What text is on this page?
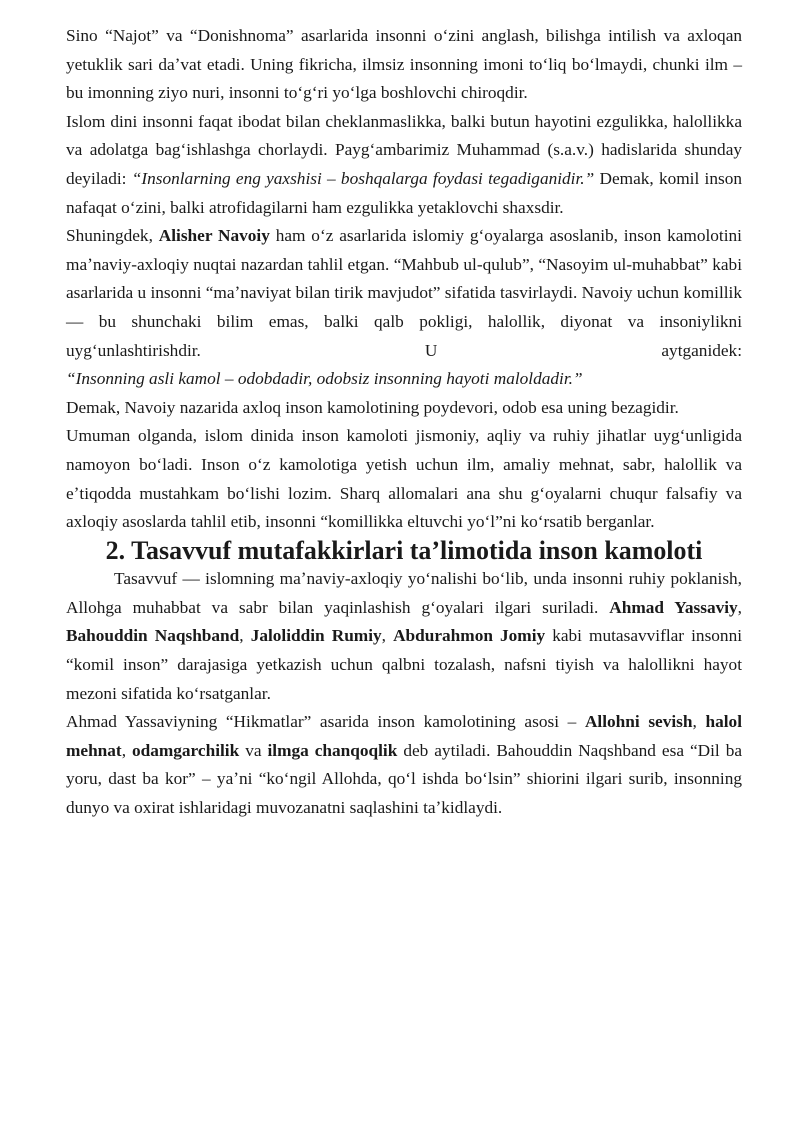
Sino “Najot” va “Donishnoma” asarlarida insonni oʻzini anglash, bilishga intilish va axloqan yetuklik sari daʼvat etadi. Uning fikricha, ilmsiz insonning imoni toʻliq boʻlmaydi, chunki ilm – bu imonning ziyo nuri, insonni toʻgʻri yoʻlga boshlovchi chiroqdir.

Islom dini insonni faqat ibodat bilan cheklanmaslikka, balki butun hayotini ezgulikka, halollikka va adolatga bagʻishlashga chorlaydi. Paygʻambarimiz Muhammad (s.a.v.) hadislarida shunday deyiladi: “Insonlarning eng yaxshisi – boshqalarga foydasi tegadiganidir.” Demak, komil inson nafaqat oʻzini, balki atrofidagilarni ham ezgulikka yetaklovchi shaxsdir.

Shuningdek, Alisher Navoiy ham oʻz asarlarida islomiy gʻoyalarga asoslanib, inson kamolotini maʼnaviy-axloqiy nuqtai nazardan tahlil etgan. “Mahbub ul-qulub”, “Nasoyim ul-muhabbat” kabi asarlarida u insonni “maʼnaviyat bilan tirik mavjudot” sifatida tasvirlaydi. Navoiy uchun komillik — bu shunchaki bilim emas, balki qalb pokligi, halollik, diyonat va insoniylikni uygʻunlashtirishdir. U aytganidek:

“Insonning asli kamol – odobdadir, odobsiz insonning hayoti maloldadir.”

Demak, Navoiy nazarida axloq inson kamolotining poydevori, odob esa uning bezagidir.

Umuman olganda, islom dinida inson kamoloti jismoniy, aqliy va ruhiy jihatlar uygʻunligida namoyon boʻladi. Inson oʻz kamolotiga yetish uchun ilm, amaliy mehnat, sabr, halollik va eʼtiqodda mustahkam boʻlishi lozim. Sharq allomalari ana shu gʻoyalarni chuqur falsafiy va axloqiy asoslarda tahlil etib, insonni “komillikka eltuvchi yoʻl”ni koʻrsatib berganlar.

2. Tasavvuf mutafakkirlari taʼlimotida inson kamoloti

Tasavvuf — islomning maʼnaviy-axloqiy yoʻnalishi boʻlib, unda insonni ruhiy poklanish, Allohga muhabbat va sabr bilan yaqinlashish gʻoyalari ilgari suriladi. Ahmad Yassaviy, Bahouddin Naqshband, Jaloliddin Rumiy, Abdurahmon Jomiy kabi mutasavviflar insonni “komil inson” darajasiga yetkazish uchun qalbni tozalash, nafsni tiyish va halollikni hayot mezoni sifatida koʻrsatganlar.

Ahmad Yassaviyning “Hikmatlar” asarida inson kamolotining asosi – Allohni sevish, halol mehnat, odamgarchilik va ilmga chanqoqlik deb aytiladi. Bahouddin Naqshband esa “Dil ba yoru, dast ba kor” – yaʼni “koʻngil Allohda, qoʻl ishda boʻlsin” shiorini ilgari surib, insonning dunyo va oxirat ishlaridagi muvozanatni saqlashini taʼkidlaydi.
